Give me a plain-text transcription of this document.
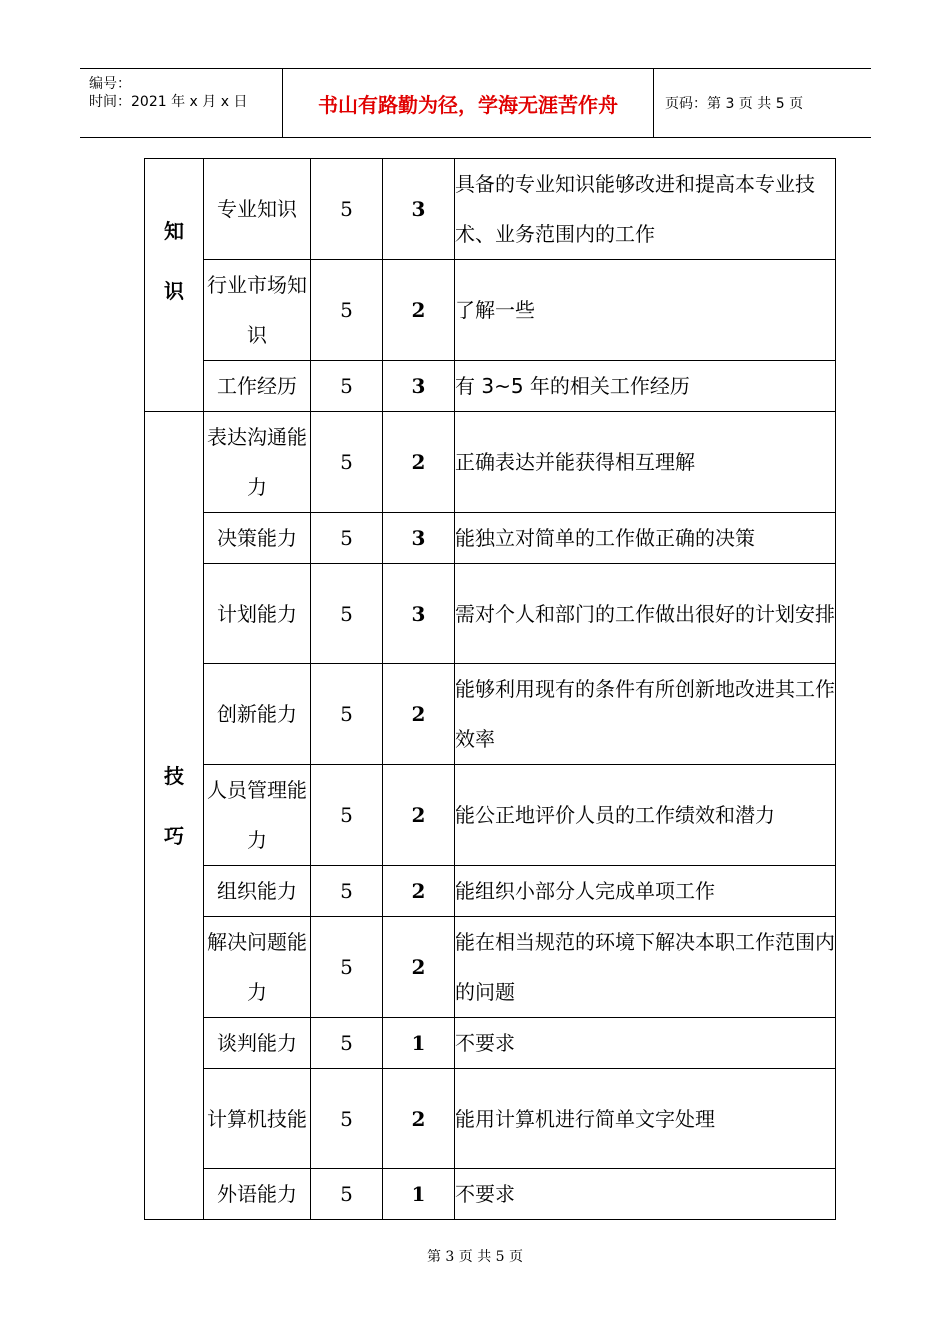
编号：
时间：2021 年 x 月 x 日	书山有路勤为径，学海无涯苦作舟	页码：第 3 页 共 5 页
知
识	专业知识	5	3	具备的专业知识能够改进和提高本专业技术、业务范围内的工作
	行业市场知识	5	2	了解一些
	工作经历	5	3	有 3~5 年的相关工作经历

技
巧	表达沟通能力	5	2	正确表达并能获得相互理解
	决策能力	5	3	能独立对简单的工作做正确的决策
	计划能力	5	3	需对个人和部门的工作做出很好的计划安排
	创新能力	5	2	能够利用现有的条件有所创新地改进其工作效率
	人员管理能力	5	2	能公正地评价人员的工作绩效和潜力
	组织能力	5	2	能组织小部分人完成单项工作
	解决问题能力	5	2	能在相当规范的环境下解决本职工作范围内的问题
	谈判能力	5	1	不要求
	计算机技能	5	2	能用计算机进行简单文字处理
	外语能力	5	1	不要求
第 3 页 共 5 页
